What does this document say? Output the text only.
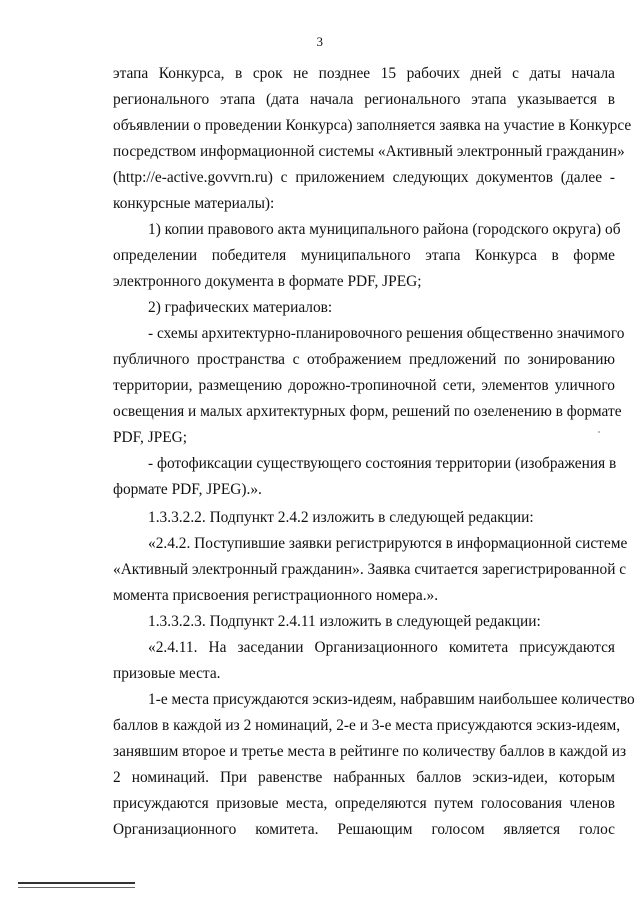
3
этапа Конкурса, в срок не позднее 15 рабочих дней с даты начала
регионального этапа (дата начала регионального этапа указывается в
объявлении о проведении Конкурса) заполняется заявка на участие в Конкурсе
посредством информационной системы «Активный электронный гражданин»
(http://e-active.govvrn.ru) с приложением следующих документов (далее -
конкурсные материалы):
1) копии правового акта муниципального района (городского округа) об
определении победителя муниципального этапа Конкурса в форме
электронного документа в формате PDF, JPEG;
2) графических материалов:
- схемы архитектурно-планировочного решения общественно значимого
публичного пространства с отображением предложений по зонированию
территории, размещению дорожно-тропиночной сети, элементов уличного
освещения и малых архитектурных форм, решений по озеленению в формате
PDF, JPEG;
- фотофиксации существующего состояния территории (изображения в
формате PDF, JPEG).».
1.3.3.2.2. Подпункт 2.4.2 изложить в следующей редакции:
«2.4.2. Поступившие заявки регистрируются в информационной системе
«Активный электронный гражданин». Заявка считается зарегистрированной с
момента присвоения регистрационного номера.».
1.3.3.2.3. Подпункт 2.4.11 изложить в следующей редакции:
«2.4.11. На заседании Организационного комитета присуждаются
призовые места.
1-е места присуждаются эскиз-идеям, набравшим наибольшее количество
баллов в каждой из 2 номинаций, 2-е и 3-е места присуждаются эскиз-идеям,
занявшим второе и третье места в рейтинге по количеству баллов в каждой из
2 номинаций. При равенстве набранных баллов эскиз-идеи, которым
присуждаются призовые места, определяются путем голосования членов
Организационного комитета. Решающим голосом является голос
